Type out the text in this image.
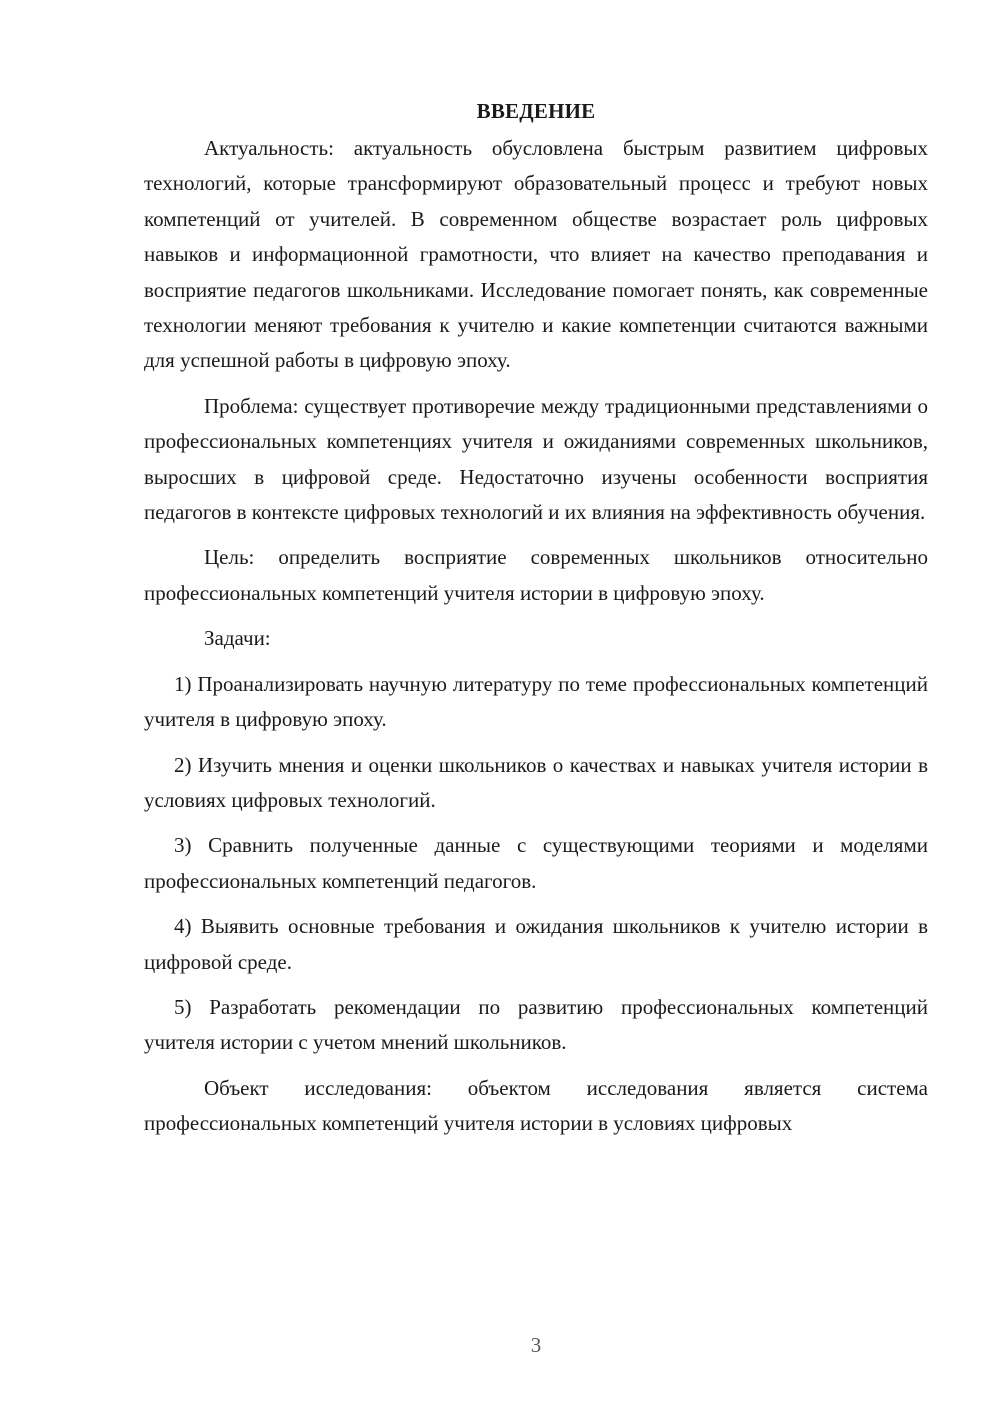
ВВЕДЕНИЕ
Актуальность: актуальность обусловлена быстрым развитием цифровых технологий, которые трансформируют образовательный процесс и требуют новых компетенций от учителей. В современном обществе возрастает роль цифровых навыков и информационной грамотности, что влияет на качество преподавания и восприятие педагогов школьниками. Исследование помогает понять, как современные технологии меняют требования к учителю и какие компетенции считаются важными для успешной работы в цифровую эпоху.
Проблема: существует противоречие между традиционными представлениями о профессиональных компетенциях учителя и ожиданиями современных школьников, выросших в цифровой среде. Недостаточно изучены особенности восприятия педагогов в контексте цифровых технологий и их влияния на эффективность обучения.
Цель: определить восприятие современных школьников относительно профессиональных компетенций учителя истории в цифровую эпоху.
Задачи:
1) Проанализировать научную литературу по теме профессиональных компетенций учителя в цифровую эпоху.
2) Изучить мнения и оценки школьников о качествах и навыках учителя истории в условиях цифровых технологий.
3) Сравнить полученные данные с существующими теориями и моделями профессиональных компетенций педагогов.
4) Выявить основные требования и ожидания школьников к учителю истории в цифровой среде.
5) Разработать рекомендации по развитию профессиональных компетенций учителя истории с учетом мнений школьников.
Объект исследования: объектом исследования является система профессиональных компетенций учителя истории в условиях цифровых
3
